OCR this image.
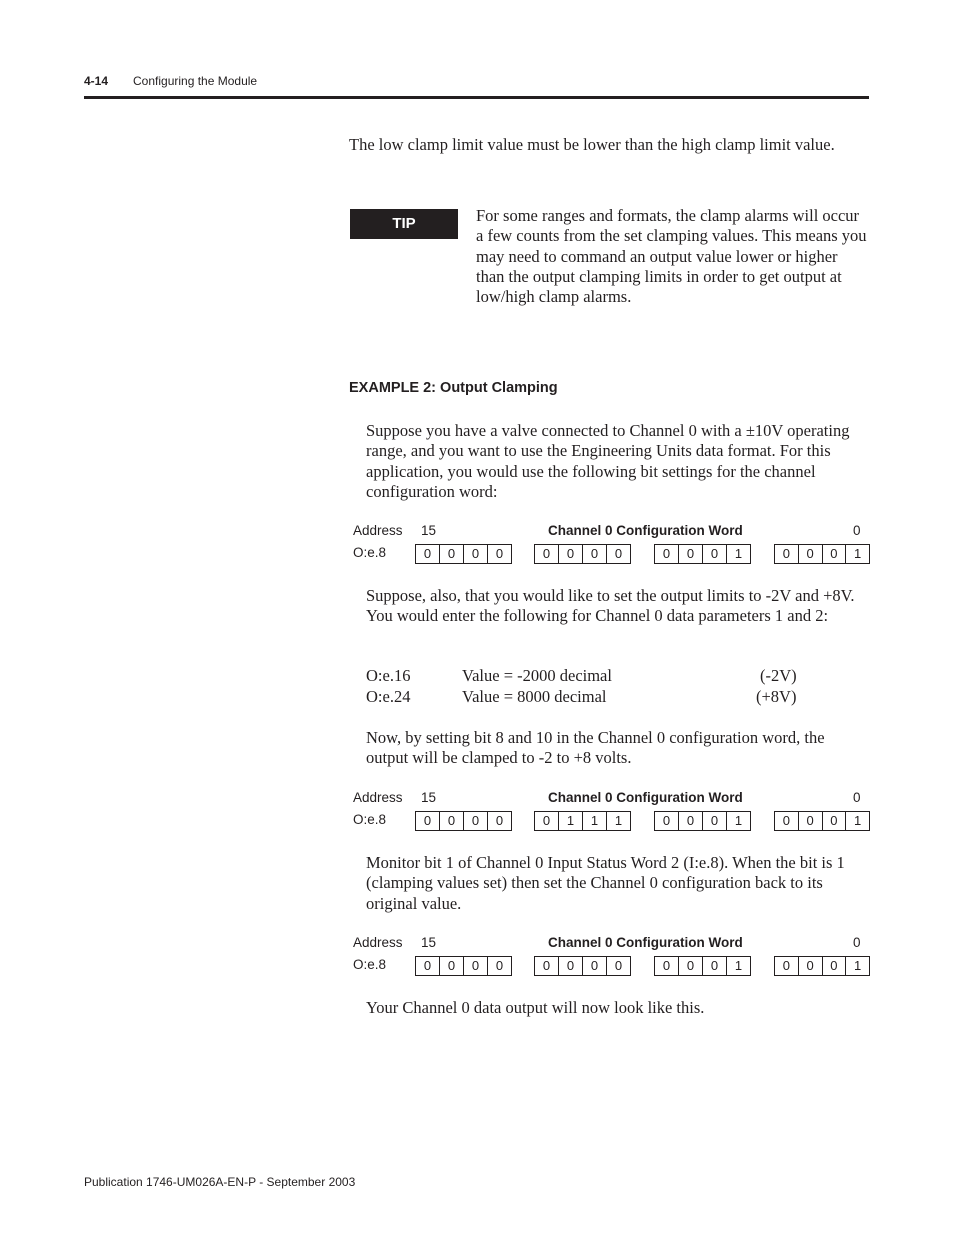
4-14 Configuring the Module
The low clamp limit value must be lower than the high clamp limit value.
TIP	For some ranges and formats, the clamp alarms will occur a few counts from the set clamping values. This means you may need to command an output value lower or higher than the output clamping limits in order to get output at low/high clamp alarms.
EXAMPLE 2: Output Clamping
Suppose you have a valve connected to Channel 0 with a ±10V operating range, and you want to use the Engineering Units data format. For this application, you would use the following bit settings for the channel configuration word:
Address 15	Channel 0 Configuration Word	0
O:e.8	0	0	0	0	0	0	0	0	0	0	0	1	0	0	0	1
Suppose, also, that you would like to set the output limits to -2V and +8V. You would enter the following for Channel 0 data parameters 1 and 2:
O:e.16	Value = -2000 decimal	(-2V)
O:e.24	Value = 8000 decimal	(+8V)
Now, by setting bit 8 and 10 in the Channel 0 configuration word, the output will be clamped to -2 to +8 volts.
Address 15	Channel 0 Configuration Word	0
O:e.8	0	0	0	0	0	1	1	1	0	0	0	1	0	0	0	1
Monitor bit 1 of Channel 0 Input Status Word 2 (I:e.8). When the bit is 1 (clamping values set) then set the Channel 0 configuration back to its original value.
Address 15	Channel 0 Configuration Word	0
O:e.8	0	0	0	0	0	0	0	0	0	0	0	1	0	0	0	1
Your Channel 0 data output will now look like this.
Publication 1746-UM026A-EN-P - September 2003
